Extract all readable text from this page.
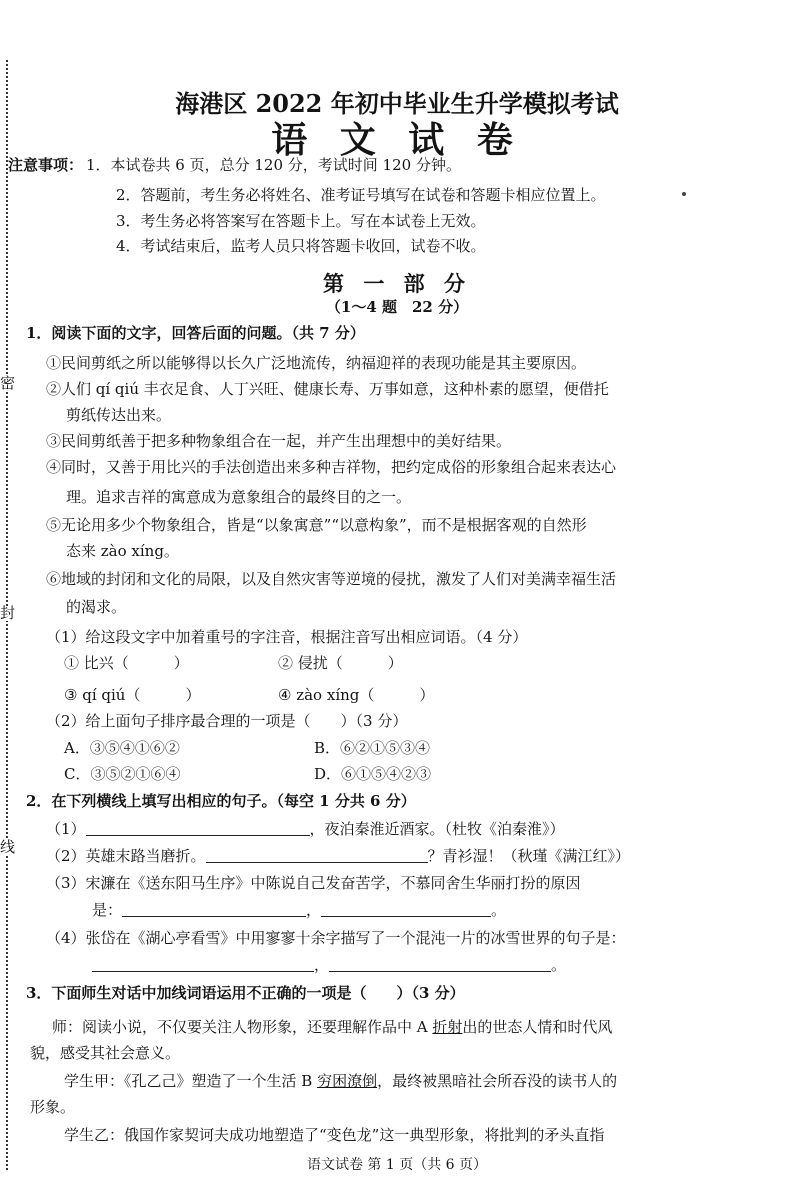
密
封
线
海港区 2022 年初中毕业生升学模拟考试
语 文 试 卷
注意事项： 1．本试卷共 6 页，总分 120 分，考试时间 120 分钟。
2．答题前，考生务必将姓名、准考证号填写在试卷和答题卡相应位置上。
3．考生务必将答案写在答题卡上。写在本试卷上无效。
4．考试结束后，监考人员只将答题卡收回，试卷不收。
第 一 部 分
（1～4 题　22 分）
1．阅读下面的文字，回答后面的问题。（共 7 分）
①民间剪纸之所以能够得以长久广泛地流传，纳福迎祥的表现功能是其主要原因。
②人们 qí qiú 丰衣足食、人丁兴旺、健康长寿、万事如意，这种朴素的愿望，便借托
剪纸传达出来。
③民间剪纸善于把多种物象组合在一起，并产生出理想中的美好结果。
④同时，又善于用比兴的手法创造出来多种吉祥物，把约定成俗的形象组合起来表达心
理。追求吉祥的寓意成为意象组合的最终目的之一。
⑤无论用多少个物象组合，皆是“以象寓意”“以意构象”，而不是根据客观的自然形
态来 zào xíng。
⑥地域的封闭和文化的局限，以及自然灾害等逆境的侵扰，激发了人们对美满幸福生活
的渴求。
（1）给这段文字中加着重号的字注音，根据注音写出相应词语。（4 分）
① 比兴（　　　）	② 侵扰（　　　）
③ qí qiú（　　　）	④ zào xíng（　　　）
（2）给上面句子排序最合理的一项是（　　）（3 分）
A．③⑤④①⑥②	B．⑥②①⑤③④
C．③⑤②①⑥④	D．⑥①⑤④②③
2．在下列横线上填写出相应的句子。（每空 1 分共 6 分）
（1）	，夜泊秦淮近酒家。（杜牧《泊秦淮》）
（2）英雄末路当磨折。	？青衫湿！（秋瑾《满江红》）
（3）宋濂在《送东阳马生序》中陈说自己发奋苦学，不慕同舍生华丽打扮的原因
是：	，	。
（4）张岱在《湖心亭看雪》中用寥寥十余字描写了一个混沌一片的冰雪世界的句子是：
，	。
3．下面师生对话中加线词语运用不正确的一项是（　　）（3 分）
师：阅读小说，不仅要关注人物形象，还要理解作品中 A 折射出的世态人情和时代风
貌，感受其社会意义。
学生甲：《孔乙己》塑造了一个生活 B 穷困潦倒，最终被黑暗社会所吞没的读书人的
形象。
学生乙：俄国作家契诃夫成功地塑造了“变色龙”这一典型形象，将批判的矛头直指
语文试卷 第 1 页（共 6 页）
